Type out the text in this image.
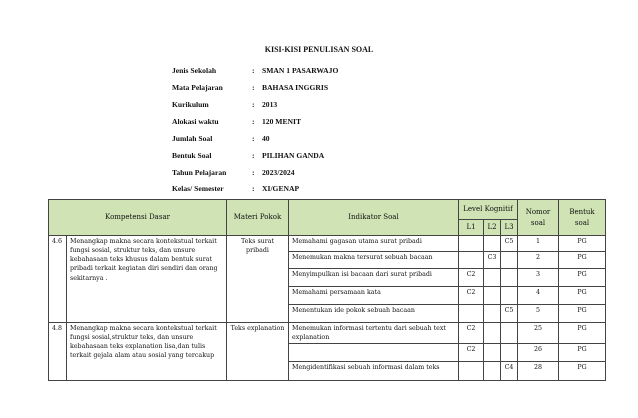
KISI-KISI PENULISAN SOAL
Jenis Sekolah	: SMAN 1 PASARWAJO
Mata Pelajaran	: BAHASA INGGRIS
Kurikulum	: 2013
Alokasi waktu	: 120 MENIT
Jumlah Soal	: 40
Bentuk Soal	: PILIHAN GANDA
Tahun Pelajaran	: 2023/2024
Kelas/ Semester	: XI/GENAP
Kompetensi Dasar		Materi Pokok	Indikator Soal	Level Kognitif			Nomor soal	Bentuk soal
				L1	L2	L3		
4.6	Menangkap makna secara kontekstual terkait fungsi sosial, struktur teks, dan unsure kebahasaan teks khusus dalam bentuk surat pribadi terkait kegiatan diri sendiri dan orang sekitarnya .	Teks surat pribadi	Memahami gagasan utama surat pribadi			C5	1	PG
			Menemukan makna tersurat sebuah bacaan		C3		2	PG
			Menyimpulkan isi bacaan dari surat pribadi	C2			3	PG
			Memahami persamaan kata	C2			4	PG
			Menentukan ide pokok sebuah bacaan			C5	5	PG
4.8	Menangkap makna secara kontekstual terkait fungsi sosial,struktur teks, dan unsure kebahasaan teks explanation lisa,dan tulis terkait gejala alam atau sosial yang tercakup	Teks explanation	Menemukan informasi tertentu dari sebuah text explanation	C2			25	PG
				C2			26	PG
			Mengidentifikasi sebuah informasi dalam teks			C4	28	PG
